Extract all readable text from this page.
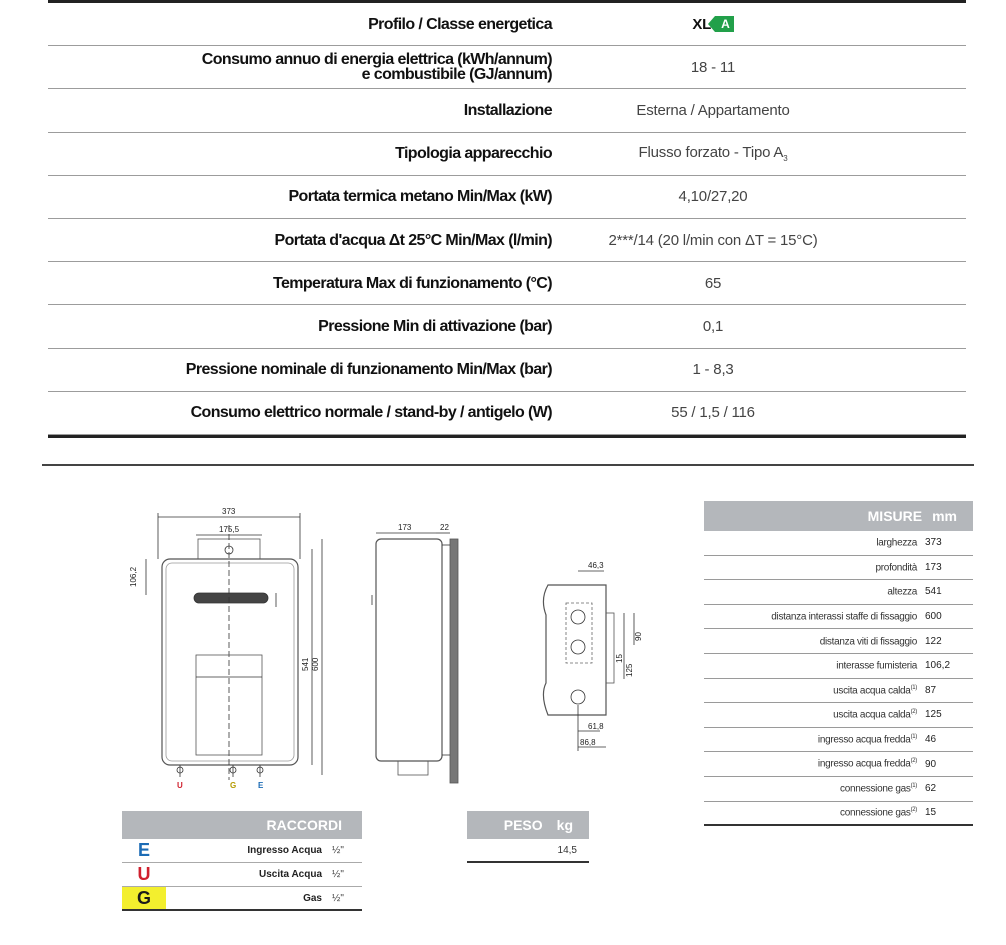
Profilo / Classe energetica	XL A
Consumo annuo di energia elettrica (kWh/annum)
e combustibile (GJ/annum)	18 - 11
Installazione	Esterna / Appartamento
Tipologia apparecchio	Flusso forzato - Tipo $A_3$
Portata termica metano Min/Max (kW)	4,10/27,20
Portata d'acqua Δt 25°C Min/Max (l/min)	2***/14 (20 l/min con ΔT = 15°C)
Temperatura Max di funzionamento (°C)	65
Pressione Min di attivazione (bar)	0,1
Pressione nominale di funzionamento Min/Max (bar)	1 - 8,3
Consumo elettrico normale / stand-by / antigelo (W)	55 / 1,5 / 116
373
175,5
106,2
541 600
U	G	E
173	22
46,3
90
15
125
61,8
86,8
RACCORDI
E	Ingresso Acqua	½"
U	Uscita Acqua	½"
G	Gas	½"
PESO kg
14,5
MISURE mm
larghezza 373
profondità 173
altezza 541
distanza interassi staffe di fissaggio 600
distanza viti di fissaggio 122
interasse fumisteria 106,2
uscita acqua calda$^{(1)}$ 87
uscita acqua calda$^{(2)}$ 125
ingresso acqua fredda$^{(1)}$ 46
ingresso acqua fredda$^{(2)}$ 90
connessione gas$^{(1)}$ 62
connessione gas$^{(2)}$ 15
